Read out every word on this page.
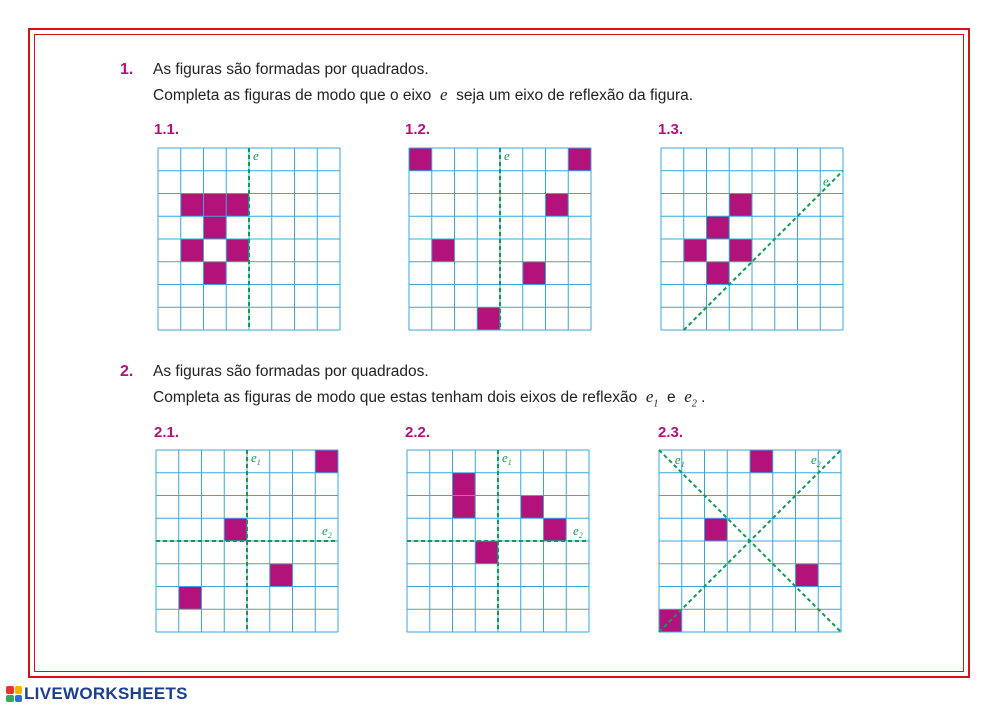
1. As figuras são formadas por quadrados.
Completa as figuras de modo que o eixo e seja um eixo de reflexão da figura.
2. As figuras são formadas por quadrados.
Completa as figuras de modo que estas tenham dois eixos de reflexão $e_1$ e $e_2$ .
1.1.	1.2.	1.3.
2.1.	2.2.	2.3.
e	e
e
$e_1$
$e_2$
$e_1$
$e_2$
$e_1$	$e_2$
LIVEWORKSHEETS
